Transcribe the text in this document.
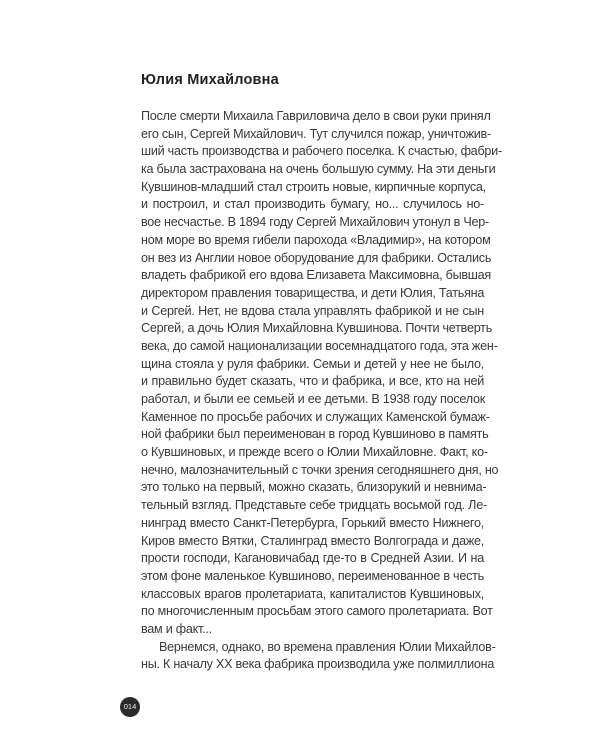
Юлия Михайловна
После смерти Михаила Гавриловича дело в свои руки принял
его сын, Сергей Михайлович. Тут случился пожар, уничтожив-
ший часть производства и рабочего поселка. К счастью, фабри-
ка была застрахована на очень большую сумму. На эти деньги
Кувшинов-младший стал строить новые, кирпичные корпуса,
и построил, и стал производить бумагу, но... случилось но-
вое несчастье. В 1894 году Сергей Михайлович утонул в Чер-
ном море во время гибели парохода «Владимир», на котором
он вез из Англии новое оборудование для фабрики. Остались
владеть фабрикой его вдова Елизавета Максимовна, бывшая
директором правления товарищества, и дети Юлия, Татьяна
и Сергей. Нет, не вдова стала управлять фабрикой и не сын
Сергей, а дочь Юлия Михайловна Кувшинова. Почти четверть
века, до самой национализации восемнадцатого года, эта жен-
щина стояла у руля фабрики. Семьи и детей у нее не было,
и правильно будет сказать, что и фабрика, и все, кто на ней
работал, и были ее семьей и ее детьми. В 1938 году поселок
Каменное по просьбе рабочих и служащих Каменской бумаж-
ной фабрики был переименован в город Кувшиново в память
о Кувшиновых, и прежде всего о Юлии Михайловне. Факт, ко-
нечно, малозначительный с точки зрения сегодняшнего дня, но
это только на первый, можно сказать, близорукий и невнима-
тельный взгляд. Представьте себе тридцать восьмой год. Ле-
нинград вместо Санкт-Петербурга, Горький вместо Нижнего,
Киров вместо Вятки, Сталинград вместо Волгограда и даже,
прости господи, Кагановичабад где-то в Средней Азии. И на
этом фоне маленькое Кувшиново, переименованное в честь
классовых врагов пролетариата, капиталистов Кувшиновых,
по многочисленным просьбам этого самого пролетариата. Вот
вам и факт...
Вернемся, однако, во времена правления Юлии Михайлов-
ны. К началу XX века фабрика производила уже полмиллиона
014
